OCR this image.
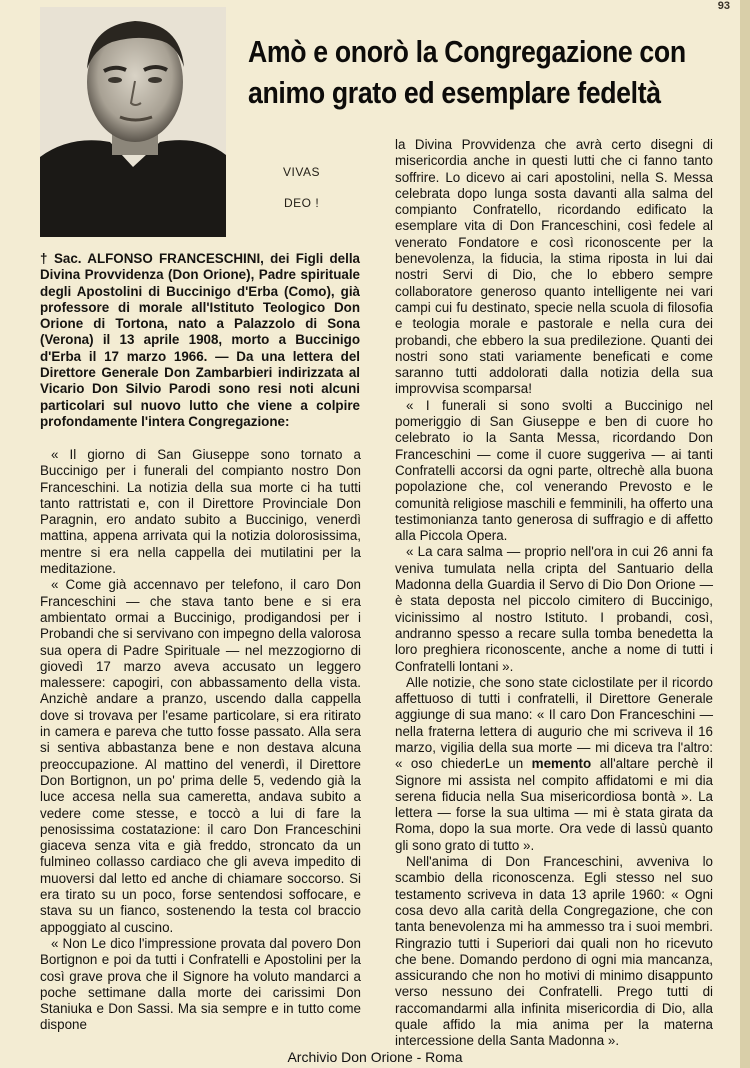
93
Amò e onorò la Congregazione con
animo grato ed esemplare fedeltà
VIVAS
DEO !

† Sac. ALFONSO FRANCESCHINI, dei Figli della Divina Provvidenza (Don Orione), Padre spirituale degli Apostolini di Buccinigo d'Erba (Como), già professore di morale all'Istituto Teologico Don Orione di Tortona, nato a Palazzolo di Sona (Verona) il 13 aprile 1908, morto a Buccinigo d'Erba il 17 marzo 1966. — Da una lettera del Direttore Generale Don Zambarbieri indirizzata al Vicario Don Silvio Parodi sono resi noti alcuni particolari sul nuovo lutto che viene a colpire profondamente l'intera Congregazione:

« Il giorno di San Giuseppe sono tornato a Buccinigo per i funerali del compianto nostro Don Franceschini. La notizia della sua morte ci ha tutti tanto rattristati e, con il Direttore Provinciale Don Paragnin, ero andato subito a Buccinigo, venerdì mattina, appena arrivata qui la notizia dolorosissima, mentre si era nella cappella dei mutilatini per la meditazione.

« Come già accennavo per telefono, il caro Don Franceschini — che stava tanto bene e si era ambientato ormai a Buccinigo, prodigandosi per i Probandi che si servivano con impegno della valorosa sua opera di Padre Spirituale — nel mezzogiorno di giovedì 17 marzo aveva accusato un leggero malessere: capogiri, con abbassamento della vista. Anzichè andare a pranzo, uscendo dalla cappella dove si trovava per l'esame particolare, si era ritirato in camera e pareva che tutto fosse passato. Alla sera si sentiva abbastanza bene e non destava alcuna preoccupazione. Al mattino del venerdì, il Direttore Don Bortignon, un po' prima delle 5, vedendo già la luce accesa nella sua cameretta, andava subito a vedere come stesse, e toccò a lui di fare la penosissima costatazione: il caro Don Franceschini giaceva senza vita e già freddo, stroncato da un fulmineo collasso cardiaco che gli aveva impedito di muoversi dal letto ed anche di chiamare soccorso. Si era tirato su un poco, forse sentendosi soffocare, e stava su un fianco, sostenendo la testa col braccio appoggiato al cuscino.

« Non Le dico l'impressione provata dal povero Don Bortignon e poi da tutti i Confratelli e Apostolini per la così grave prova che il Signore ha voluto mandarci a poche settimane dalla morte dei carissimi Don Staniuka e Don Sassi. Ma sia sempre e in tutto come dispone

la Divina Provvidenza che avrà certo disegni di misericordia anche in questi lutti che ci fanno tanto soffrire. Lo dicevo ai cari apostolini, nella S. Messa celebrata dopo lunga sosta davanti alla salma del compianto Confratello, ricordando edificato la esemplare vita di Don Franceschini, così fedele al venerato Fondatore e così riconoscente per la benevolenza, la fiducia, la stima riposta in lui dai nostri Servi di Dio, che lo ebbero sempre collaboratore generoso quanto intelligente nei vari campi cui fu destinato, specie nella scuola di filosofia e teologia morale e pastorale e nella cura dei probandi, che ebbero la sua predilezione. Quanti dei nostri sono stati variamente beneficati e come saranno tutti addolorati dalla notizia della sua improvvisa scomparsa!

« I funerali si sono svolti a Buccinigo nel pomeriggio di San Giuseppe e ben di cuore ho celebrato io la Santa Messa, ricordando Don Franceschini — come il cuore suggeriva — ai tanti Confratelli accorsi da ogni parte, oltrechè alla buona popolazione che, col venerando Prevosto e le comunità religiose maschili e femminili, ha offerto una testimonianza tanto generosa di suffragio e di affetto alla Piccola Opera.

« La cara salma — proprio nell'ora in cui 26 anni fa veniva tumulata nella cripta del Santuario della Madonna della Guardia il Servo di Dio Don Orione — è stata deposta nel piccolo cimitero di Buccinigo, vicinissimo al nostro Istituto. I probandi, così, andranno spesso a recare sulla tomba benedetta la loro preghiera riconoscente, anche a nome di tutti i Confratelli lontani ».

Alle notizie, che sono state ciclostilate per il ricordo affettuoso di tutti i confratelli, il Direttore Generale aggiunge di sua mano: « Il caro Don Franceschini — nella fraterna lettera di augurio che mi scriveva il 16 marzo, vigilia della sua morte — mi diceva tra l'altro: « oso chiederLe un memento all'altare perchè il Signore mi assista nel compito affidatomi e mi dia serena fiducia nella Sua misericordiosa bontà ». La lettera — forse la sua ultima — mi è stata girata da Roma, dopo la sua morte. Ora vede di lassù quanto gli sono grato di tutto ».

Nell'anima di Don Franceschini, avveniva lo scambio della riconoscenza. Egli stesso nel suo testamento scriveva in data 13 aprile 1960: « Ogni cosa devo alla carità della Congregazione, che con tanta benevolenza mi ha ammesso tra i suoi membri. Ringrazio tutti i Superiori dai quali non ho ricevuto che bene. Domando perdono di ogni mia mancanza, assicurando che non ho motivi di minimo disappunto verso nessuno dei Confratelli. Prego tutti di raccomandarmi alla infinita misericordia di Dio, alla quale affido la mia anima per la materna intercessione della Santa Madonna ».

Archivio Don Orione - Roma
